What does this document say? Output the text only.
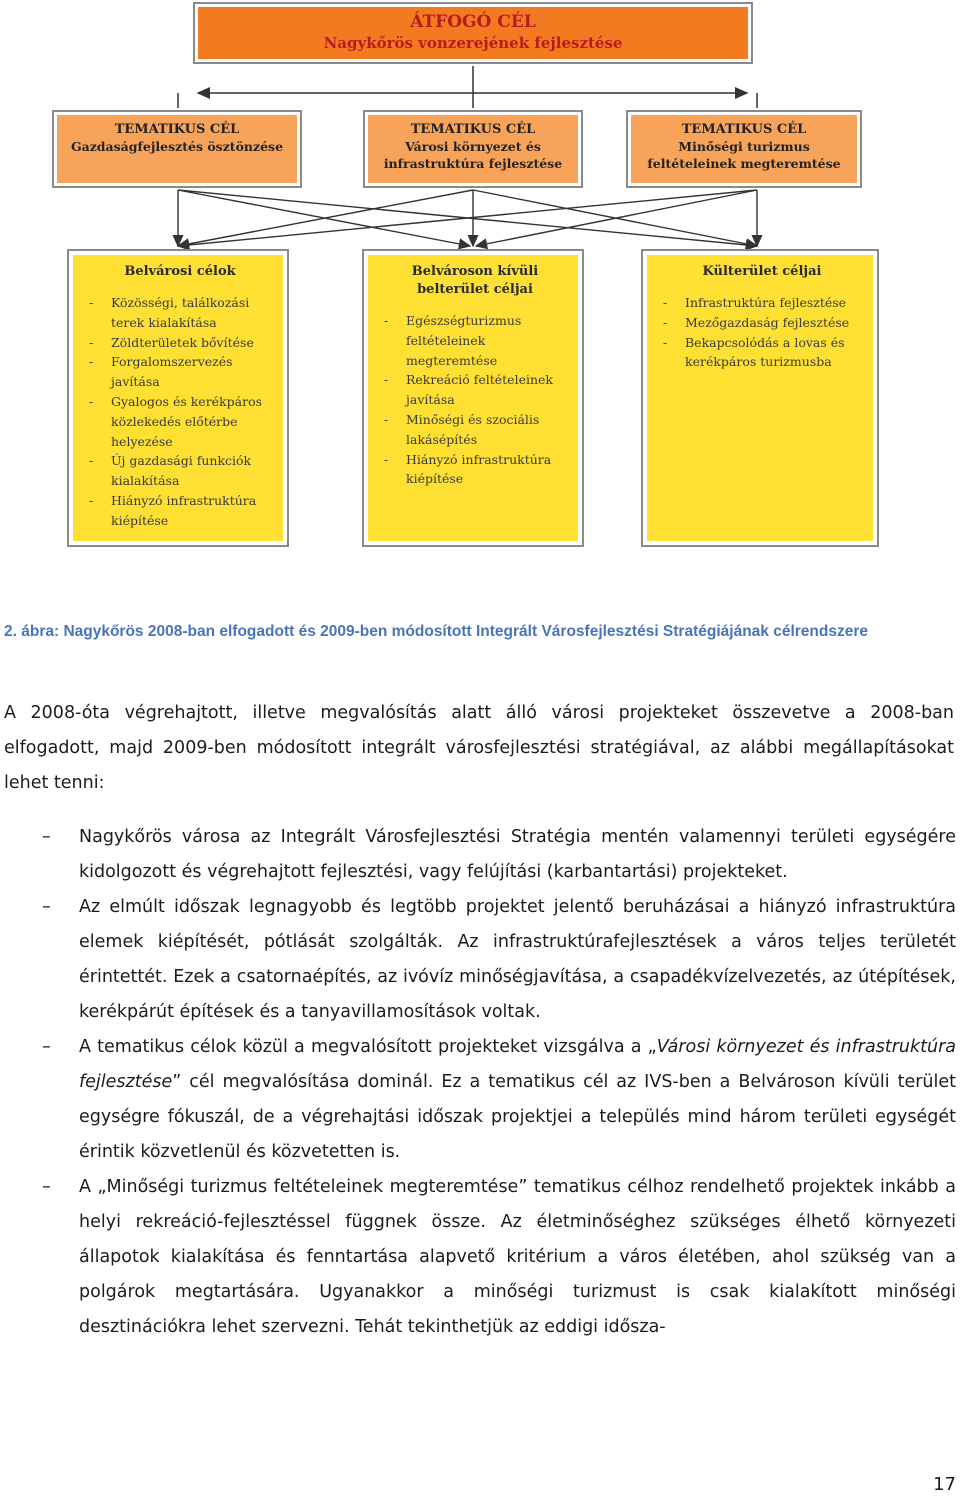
ÁTFOGÓ CÉL
Nagykőrös vonzerejének fejlesztése
TEMATIKUS CÉL
Gazdaságfejlesztés ösztönzése
TEMATIKUS CÉL
Városi környezet és
infrastruktúra fejlesztése
TEMATIKUS CÉL
Minőségi turizmus
feltételeinek megteremtése
Belvárosi célok
- Közösségi, találkozási terek kialakítása
- Zöldterületek bővítése
- Forgalomszervezés javítása
- Gyalogos és kerékpáros közlekedés előtérbe helyezése
- Új gazdasági funkciók kialakítása
- Hiányzó infrastruktúra kiépítése
Belvároson kívüli belterület céljai
- Egészségturizmus feltételeinek megteremtése
- Rekreáció feltételeinek javítása
- Minőségi és szociális lakásépítés
- Hiányzó infrastruktúra kiépítése
Külterület céljai
- Infrastruktúra fejlesztése
- Mezőgazdaság fejlesztése
- Bekapcsolódás a lovas és kerékpáros turizmusba
2. ábra: Nagykőrös 2008-ban elfogadott és 2009-ben módosított Integrált Városfejlesztési Stratégiájának célrendszere

A 2008-óta végrehajtott, illetve megvalósítás alatt álló városi projekteket összevetve a 2008-ban elfogadott, majd 2009-ben módosított integrált városfejlesztési stratégiával, az alábbi megállapításokat lehet tenni:

– Nagykőrös városa az Integrált Városfejlesztési Stratégia mentén valamennyi területi egységére kidolgozott és végrehajtott fejlesztési, vagy felújítási (karbantartási) projekteket.
– Az elmúlt időszak legnagyobb és legtöbb projektet jelentő beruházásai a hiányzó infrastruktúra elemek kiépítését, pótlását szolgálták. Az infrastruktúrafejlesztések a város teljes területét érintettét. Ezek a csatornaépítés, az ivóvíz minőségjavítása, a csapadékvízelvezetés, az útépítések, kerékpárút építések és a tanyavillamosítások voltak.
– A tematikus célok közül a megvalósított projekteket vizsgálva a „Városi környezet és infrastruktúra fejlesztése” cél megvalósítása dominál. Ez a tematikus cél az IVS-ben a Belvároson kívüli terület egységre fókuszál, de a végrehajtási időszak projektjei a település mind három területi egységét érintik közvetlenül és közvetetten is.
– A „Minőségi turizmus feltételeinek megteremtése” tematikus célhoz rendelhető projektek inkább a helyi rekreáció-fejlesztéssel függnek össze. Az életminőséghez szükséges élhető környezeti állapotok kialakítása és fenntartása alapvető kritérium a város életében, ahol szükség van a polgárok megtartására. Ugyanakkor a minőségi turizmust is csak kialakított minőségi desztinációkra lehet szervezni. Tehát tekinthetjük az eddigi idősza-
17
